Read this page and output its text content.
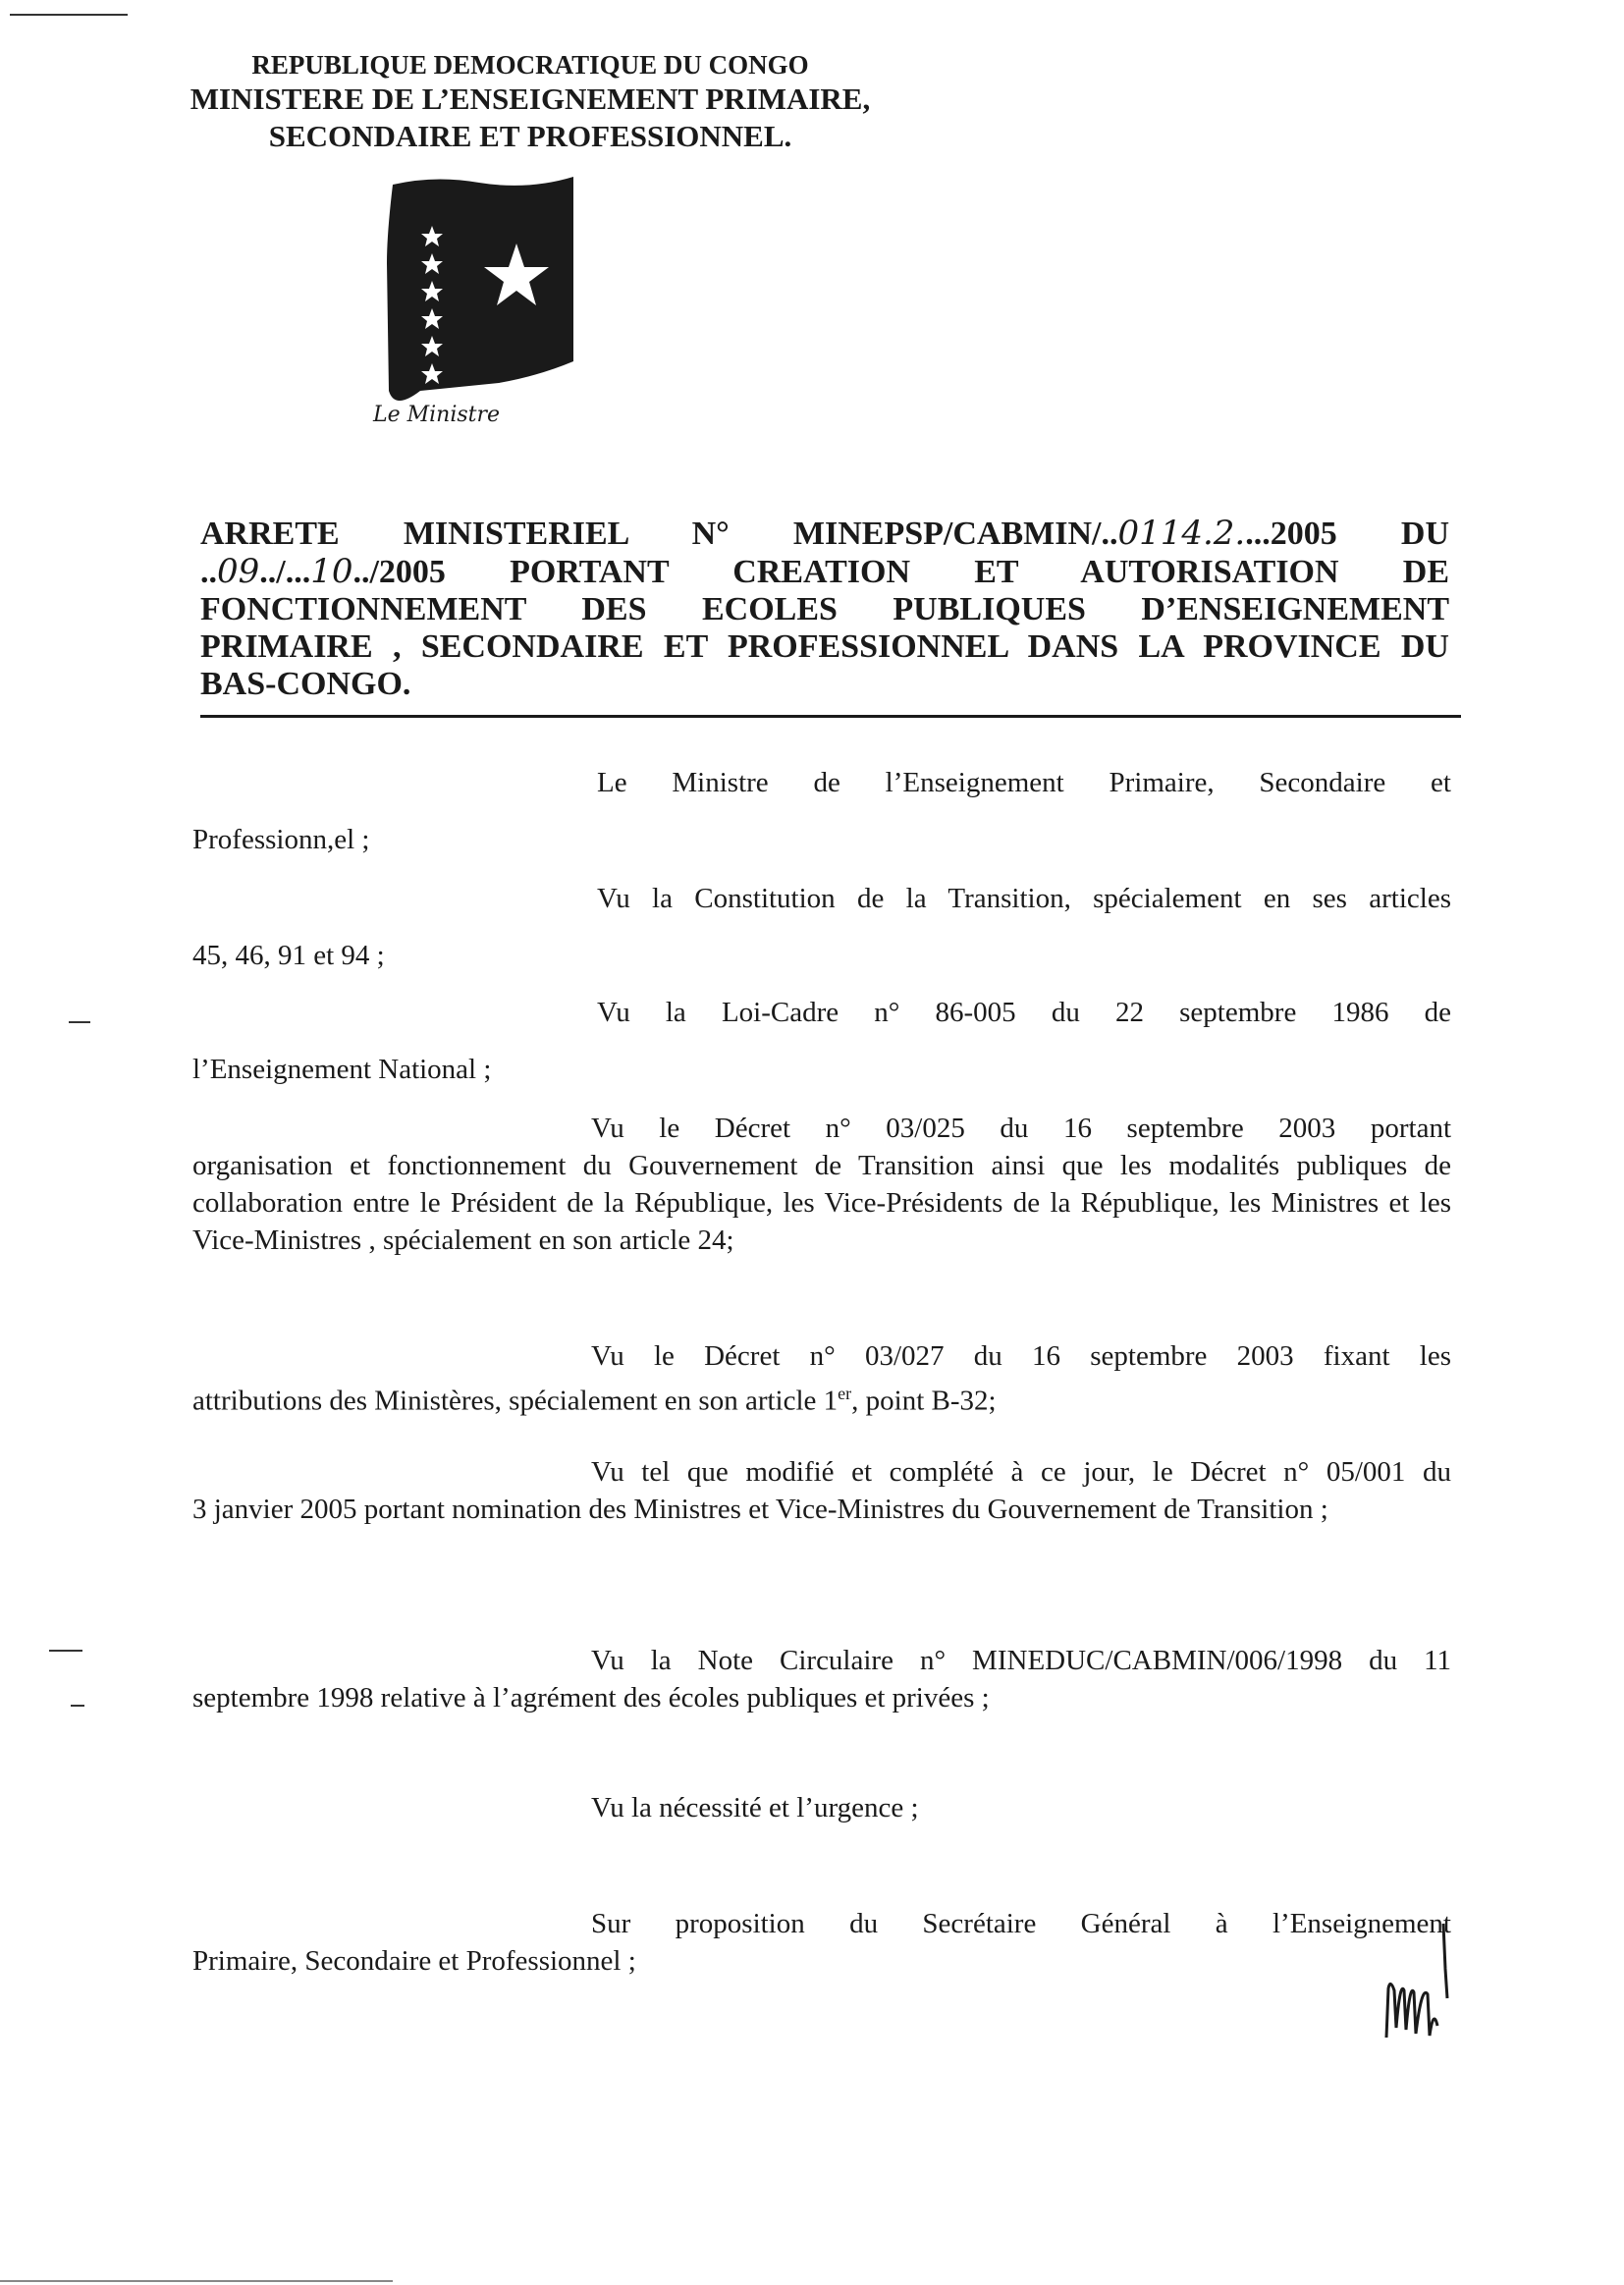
REPUBLIQUE DEMOCRATIQUE DU CONGO
MINISTERE DE L’ENSEIGNEMENT PRIMAIRE,
SECONDAIRE ET PROFESSIONNEL.
Le Ministre
ARRETE MINISTERIEL N° MINEPSP/CABMIN/..0114.2....2005 DU ..09../...10../2005 PORTANT CREATION ET AUTORISATION DE FONCTIONNEMENT DES ECOLES PUBLIQUES D’ENSEIGNEMENT PRIMAIRE , SECONDAIRE ET PROFESSIONNEL DANS LA PROVINCE DU BAS-CONGO.
Le Ministre de l’Enseignement Primaire, Secondaire et
Professionn,el ;
Vu la Constitution de la Transition, spécialement en ses articles
45, 46, 91 et 94 ;
Vu la Loi-Cadre n° 86-005 du 22 septembre 1986 de
l’Enseignement National ;
Vu le Décret n° 03/025 du 16 septembre 2003 portant
organisation et fonctionnement du Gouvernement de Transition ainsi que les modalités publiques de collaboration entre le Président de la République, les Vice-Présidents de la République, les Ministres et les Vice-Ministres , spécialement en son article 24;
Vu le Décret n° 03/027 du 16 septembre 2003 fixant les
attributions des Ministères, spécialement en son article 1er, point B-32;
Vu tel que modifié et complété à ce jour, le Décret n° 05/001 du
3 janvier 2005 portant nomination des Ministres et Vice-Ministres du Gouvernement de Transition ;
Vu la Note Circulaire n° MINEDUC/CABMIN/006/1998 du 11
septembre 1998 relative à l’agrément des écoles publiques et privées ;
Vu la nécessité et l’urgence ;
Sur proposition du Secrétaire Général à l’Enseignement
Primaire, Secondaire et Professionnel ;
